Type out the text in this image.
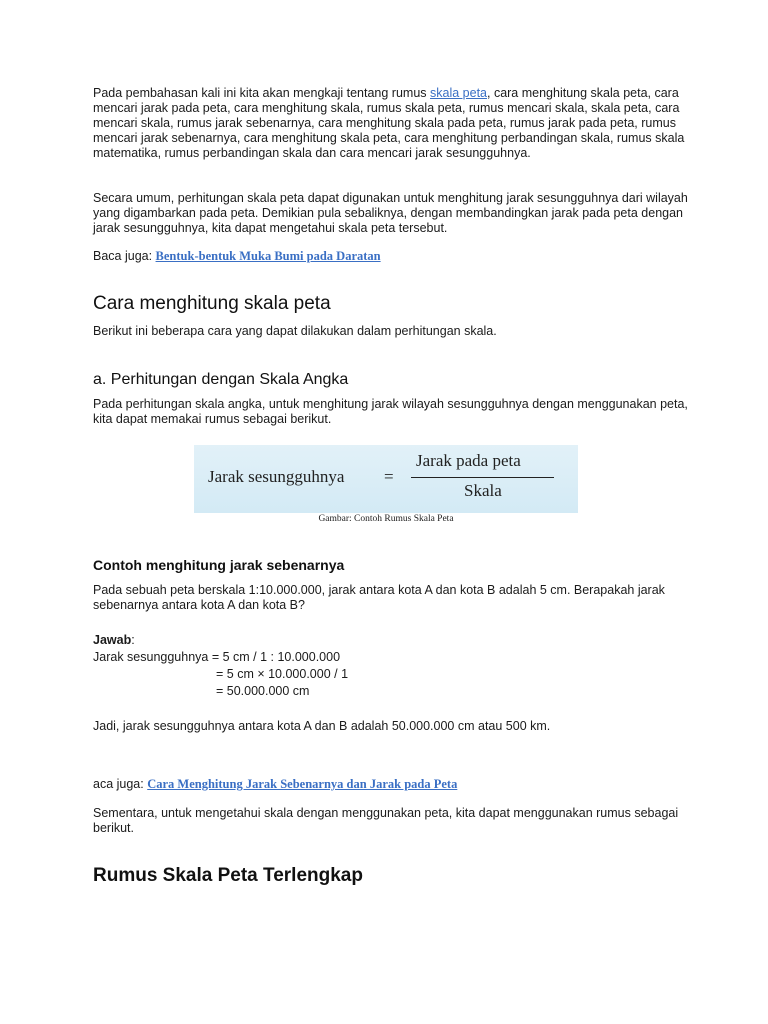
Pada pembahasan kali ini kita akan mengkaji tentang rumus skala peta, cara menghitung skala peta, cara mencari jarak pada peta, cara menghitung skala, rumus skala peta, rumus mencari skala, skala peta, cara mencari skala, rumus jarak sebenarnya, cara menghitung skala pada peta, rumus jarak pada peta, rumus mencari jarak sebenarnya, cara menghitung skala peta, cara menghitung perbandingan skala, rumus skala matematika, rumus perbandingan skala dan cara mencari jarak sesungguhnya.

Secara umum, perhitungan skala peta dapat digunakan untuk menghitung jarak sesungguhnya dari wilayah yang digambarkan pada peta. Demikian pula sebaliknya, dengan membandingkan jarak pada peta dengan jarak sesungguhnya, kita dapat mengetahui skala peta tersebut.

Baca juga: Bentuk-bentuk Muka Bumi pada Daratan

Cara menghitung skala peta

Berikut ini beberapa cara yang dapat dilakukan dalam perhitungan skala.

a. Perhitungan dengan Skala Angka

Pada perhitungan skala angka, untuk menghitung jarak wilayah sesungguhnya dengan menggunakan peta, kita dapat memakai rumus sebagai berikut.

Jarak sesungguhnya =
Jarak pada peta
Skala
Gambar: Contoh Rumus Skala Peta
Contoh menghitung jarak sebenarnya

Pada sebuah peta berskala 1:10.000.000, jarak antara kota A dan kota B adalah 5 cm. Berapakah jarak sebenarnya antara kota A dan kota B?

Jawab:

Jarak sesungguhnya = 5 cm / 1 : 10.000.000

= 5 cm × 10.000.000 / 1

= 50.000.000 cm

Jadi, jarak sesungguhnya antara kota A dan B adalah 50.000.000 cm atau 500 km.

aca juga: Cara Menghitung Jarak Sebenarnya dan Jarak pada Peta

Sementara, untuk mengetahui skala dengan menggunakan peta, kita dapat menggunakan rumus sebagai berikut.

Rumus Skala Peta Terlengkap
